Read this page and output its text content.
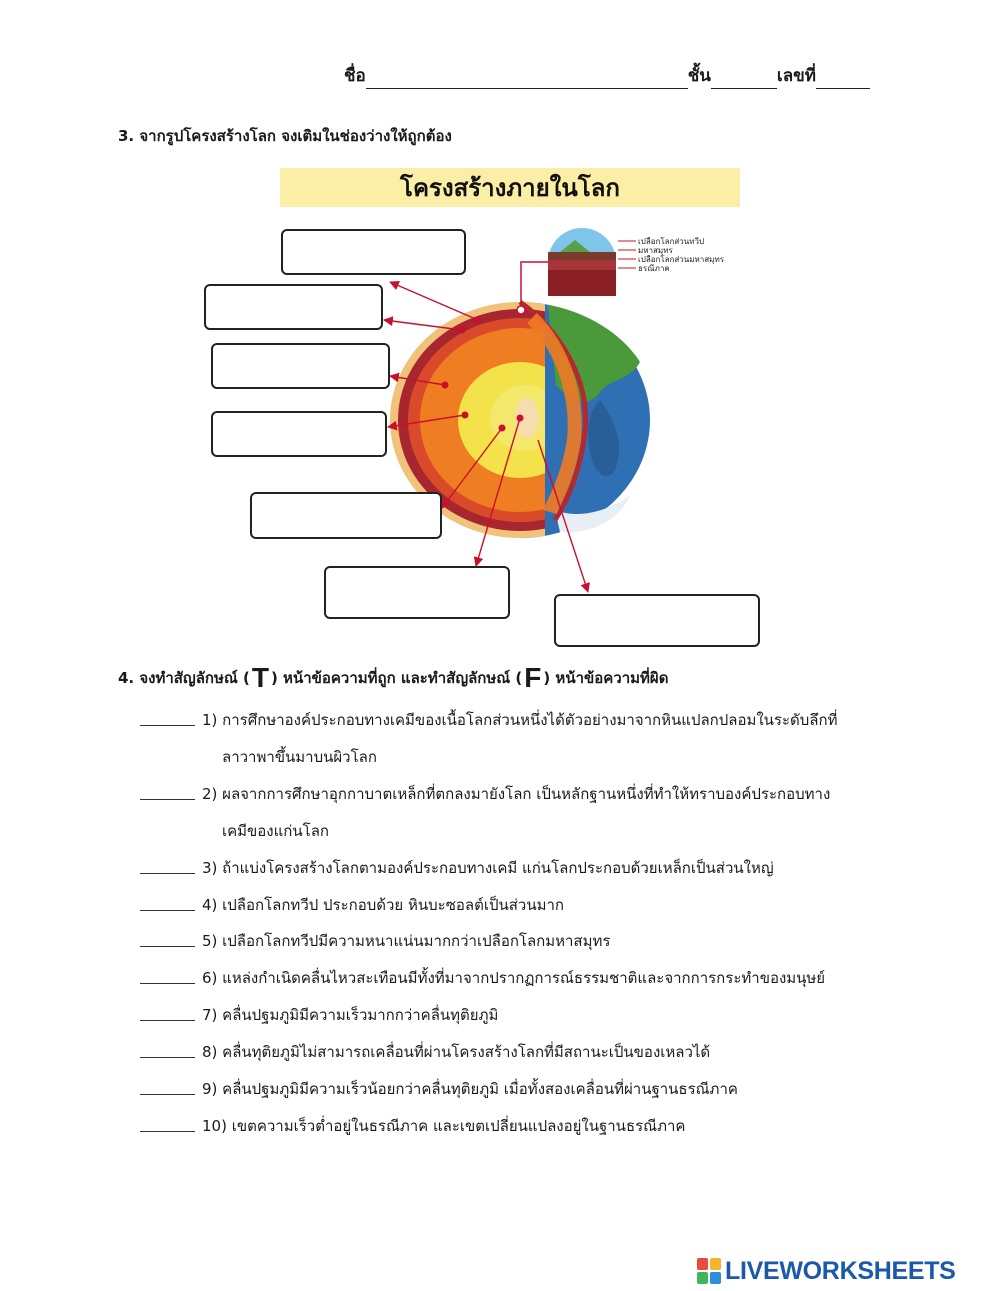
ชื่อ	ชั้น	เลขที่
3. จากรูปโครงสร้างโลก จงเติมในช่องว่างให้ถูกต้อง
โครงสร้างภายในโลก
เปลือกโลกส่วนทวีป
มหาสมุทร
เปลือกโลกส่วนมหาสมุทร
ธรณีภาค
4. จงทำสัญลักษณ์ ( T ) หน้าข้อความที่ถูก และทำสัญลักษณ์ ( F ) หน้าข้อความที่ผิด
1) การศึกษาองค์ประกอบทางเคมีของเนื้อโลกส่วนหนึ่งได้ตัวอย่างมาจากหินแปลกปลอมในระดับลึกที่
ลาวาพาขึ้นมาบนผิวโลก
2) ผลจากการศึกษาอุกกาบาตเหล็กที่ตกลงมายังโลก เป็นหลักฐานหนึ่งที่ทำให้ทราบองค์ประกอบทาง
เคมีของแก่นโลก
3) ถ้าแบ่งโครงสร้างโลกตามองค์ประกอบทางเคมี แก่นโลกประกอบด้วยเหล็กเป็นส่วนใหญ่
4) เปลือกโลกทวีป ประกอบด้วย หินบะซอลต์เป็นส่วนมาก
5) เปลือกโลกทวีปมีความหนาแน่นมากกว่าเปลือกโลกมหาสมุทร
6) แหล่งกำเนิดคลื่นไหวสะเทือนมีทั้งที่มาจากปรากฏการณ์ธรรมชาติและจากการกระทำของมนุษย์
7) คลื่นปฐมภูมิมีความเร็วมากกว่าคลื่นทุติยภูมิ
8) คลื่นทุติยภูมิไม่สามารถเคลื่อนที่ผ่านโครงสร้างโลกที่มีสถานะเป็นของเหลวได้
9) คลื่นปฐมภูมิมีความเร็วน้อยกว่าคลื่นทุติยภูมิ เมื่อทั้งสองเคลื่อนที่ผ่านฐานธรณีภาค
10) เขตความเร็วต่ำอยู่ในธรณีภาค และเขตเปลี่ยนแปลงอยู่ในฐานธรณีภาค
LIVEWORKSHEETS
